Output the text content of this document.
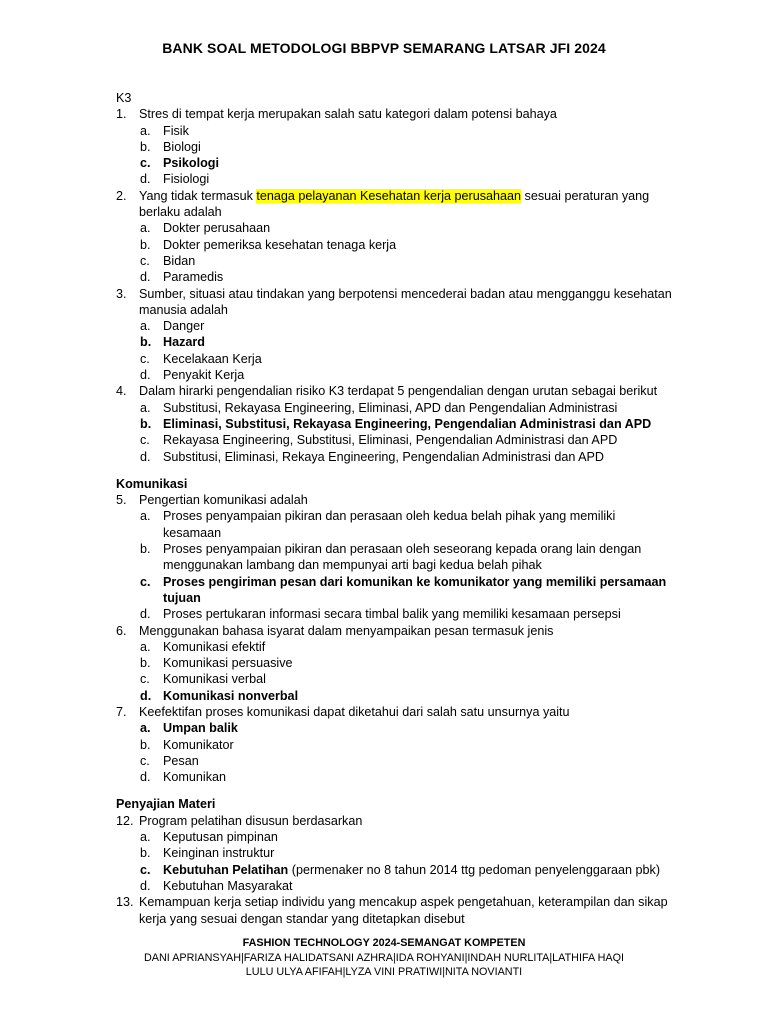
BANK SOAL METODOLOGI BBPVP SEMARANG LATSAR JFI 2024
K3
1. Stres di tempat kerja merupakan salah satu kategori dalam potensi bahaya
a. Fisik
b. Biologi
c. Psikologi
d. Fisiologi
2. Yang tidak termasuk tenaga pelayanan Kesehatan kerja perusahaan sesuai peraturan yang berlaku adalah
a. Dokter perusahaan
b. Dokter pemeriksa kesehatan tenaga kerja
c. Bidan
d. Paramedis
3. Sumber, situasi atau tindakan yang berpotensi mencederai badan atau mengganggu kesehatan manusia adalah
a. Danger
b. Hazard
c. Kecelakaan Kerja
d. Penyakit Kerja
4. Dalam hirarki pengendalian risiko K3 terdapat 5 pengendalian dengan urutan sebagai berikut
a. Substitusi, Rekayasa Engineering, Eliminasi, APD dan Pengendalian Administrasi
b. Eliminasi, Substitusi, Rekayasa Engineering, Pengendalian Administrasi dan APD
c. Rekayasa Engineering, Substitusi, Eliminasi, Pengendalian Administrasi dan APD
d. Substitusi, Eliminasi, Rekaya Engineering, Pengendalian Administrasi dan APD
Komunikasi
5. Pengertian komunikasi adalah
a. Proses penyampaian pikiran dan perasaan oleh kedua belah pihak yang memiliki kesamaan
b. Proses penyampaian pikiran dan perasaan oleh seseorang kepada orang lain dengan menggunakan lambang dan mempunyai arti bagi kedua belah pihak
c. Proses pengiriman pesan dari komunikan ke komunikator yang memiliki persamaan tujuan
d. Proses pertukaran informasi secara timbal balik yang memiliki kesamaan persepsi
6. Menggunakan bahasa isyarat dalam menyampaikan pesan termasuk jenis
a. Komunikasi efektif
b. Komunikasi persuasive
c. Komunikasi verbal
d. Komunikasi nonverbal
7. Keefektifan proses komunikasi dapat diketahui dari salah satu unsurnya yaitu
a. Umpan balik
b. Komunikator
c. Pesan
d. Komunikan
Penyajian Materi
12. Program pelatihan disusun berdasarkan
a. Keputusan pimpinan
b. Keinginan instruktur
c. Kebutuhan Pelatihan (permenaker no 8 tahun 2014 ttg pedoman penyelenggaraan pbk)
d. Kebutuhan Masyarakat
13. Kemampuan kerja setiap individu yang mencakup aspek pengetahuan, keterampilan dan sikap kerja yang sesuai dengan standar yang ditetapkan disebut
FASHION TECHNOLOGY 2024-SEMANGAT KOMPETEN
DANI APRIANSYAH|FARIZA HALIDATSANI AZHRA|IDA ROHYANI|INDAH NURLITA|LATHIFA HAQI
LULU ULYA AFIFAH|LYZA VINI PRATIWI|NITA NOVIANTI
